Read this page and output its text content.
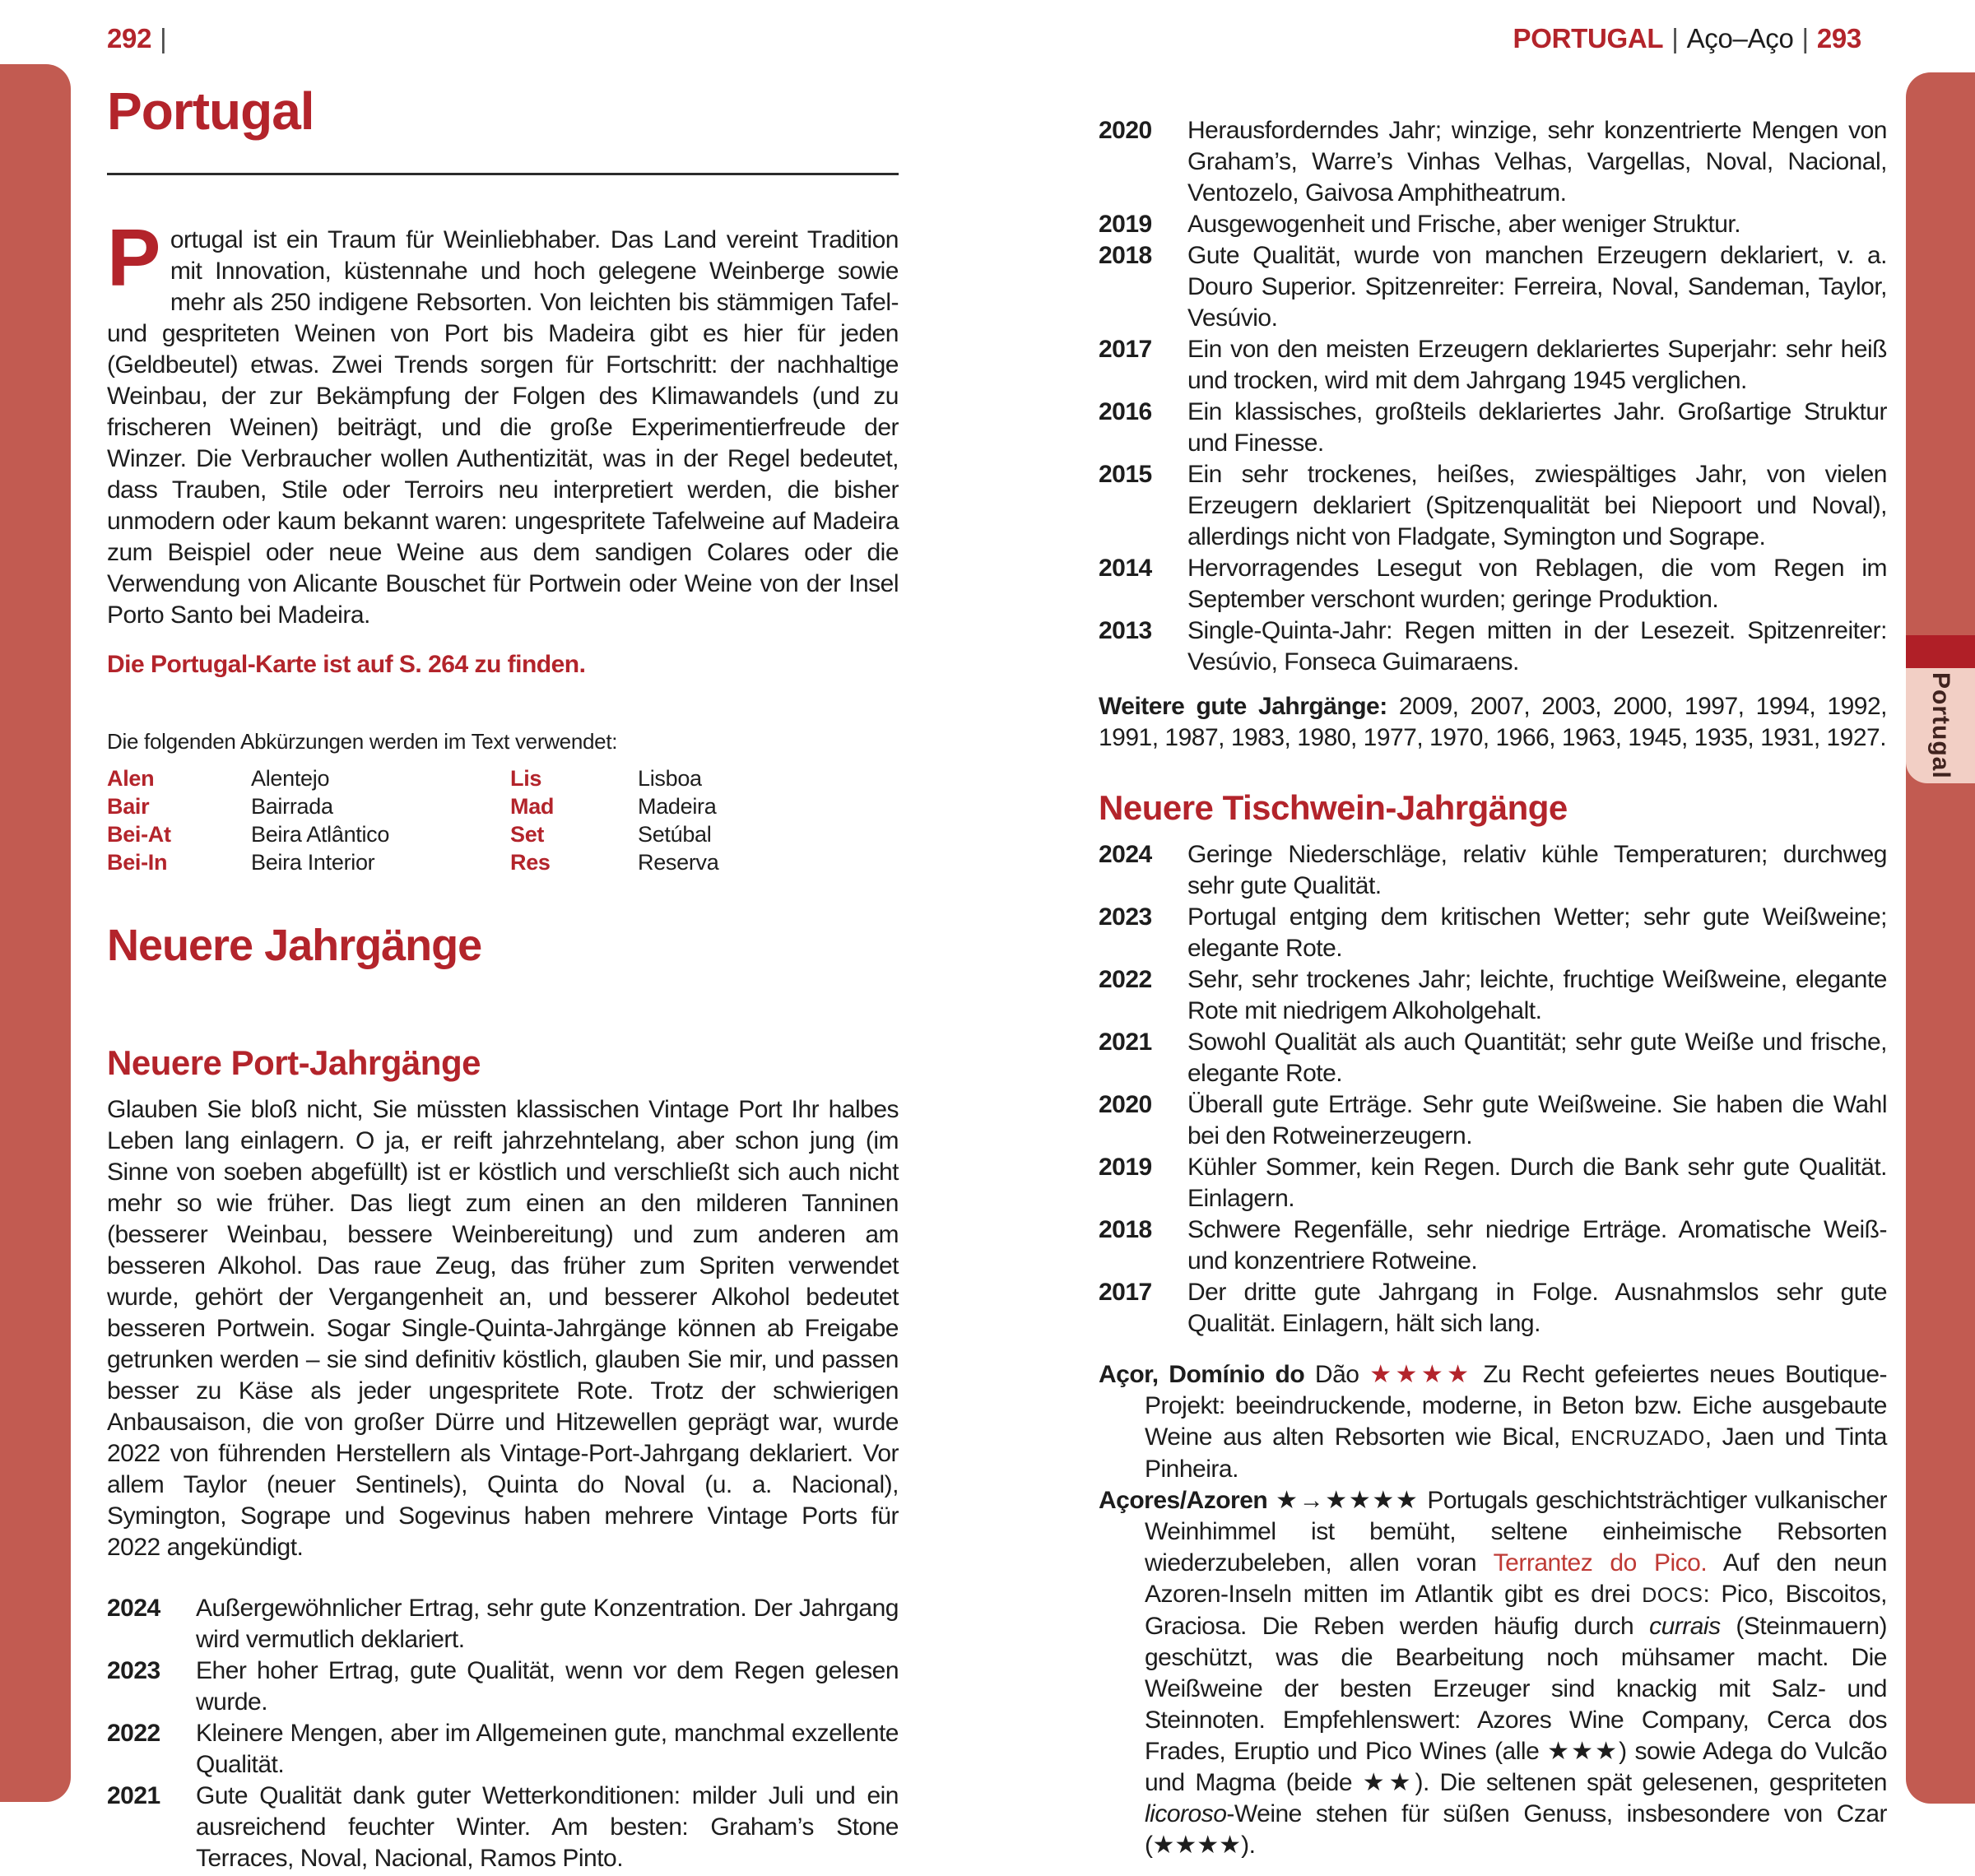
Portugal
292 |	PORTUGAL | Aço–Aço | 293
Portugal

Portugal ist ein Traum für Weinliebhaber. Das Land vereint Tradition mit Innovation, küstennahe und hoch gelegene Weinberge sowie mehr als 250 indigene Rebsorten. Von leichten bis stämmigen Tafel- und gespriteten Weinen von Port bis Madeira gibt es hier für jeden (Geldbeutel) etwas. Zwei Trends sorgen für Fortschritt: der nachhaltige Weinbau, der zur Bekämpfung der Folgen des Klimawandels (und zu frischeren Weinen) beiträgt, und die große Experimentierfreude der Winzer. Die Verbraucher wollen Authentizität, was in der Regel bedeutet, dass Trauben, Stile oder Terroirs neu interpretiert werden, die bisher unmodern oder kaum bekannt waren: ungespritete Tafelweine auf Madeira zum Beispiel oder neue Weine aus dem sandigen Colares oder die Verwendung von Alicante Bouschet für Portwein oder Weine von der Insel Porto Santo bei Madeira.

Die Portugal-Karte ist auf S. 264 zu finden.

Die folgenden Abkürzungen werden im Text verwendet:

Alen	Alentejo	Lis	Lisboa
Bair	Bairrada	Mad	Madeira
Bei-At	Beira Atlântico	Set	Setúbal
Bei-In	Beira Interior	Res	Reserva
Neuere Jahrgänge
Neuere Port-Jahrgänge

Glauben Sie bloß nicht, Sie müssten klassischen Vintage Port Ihr halbes Leben lang einlagern. O ja, er reift jahrzehntelang, aber schon jung (im Sinne von soeben abgefüllt) ist er köstlich und verschließt sich auch nicht mehr so wie früher. Das liegt zum einen an den milderen Tanninen (besserer Weinbau, bessere Weinbereitung) und zum anderen am besseren Alkohol. Das raue Zeug, das früher zum Spriten verwendet wurde, gehört der Vergangenheit an, und besserer Alkohol bedeutet besseren Portwein. Sogar Single-Quinta-Jahrgänge können ab Freigabe getrunken werden – sie sind definitiv köstlich, glauben Sie mir, und passen besser zu Käse als jeder ungespritete Rote. Trotz der schwierigen Anbausaison, die von großer Dürre und Hitzewellen geprägt war, wurde 2022 von führenden Herstellern als Vintage-Port-Jahrgang deklariert. Vor allem Taylor (neuer Sentinels), Quinta do Noval (u. a. Nacional), Symington, Sogrape und Sogevinus haben mehrere Vintage Ports für 2022 angekündigt.

2024	Außergewöhnlicher Ertrag, sehr gute Konzentration. Der Jahrgang wird vermutlich deklariert.
2023	Eher hoher Ertrag, gute Qualität, wenn vor dem Regen gelesen wurde.
2022	Kleinere Mengen, aber im Allgemeinen gute, manchmal exzellente Qualität.
2021	Gute Qualität dank guter Wetterkonditionen: milder Juli und ein ausreichend feuchter Winter. Am besten: Graham’s Stone Terraces, Noval, Nacional, Ramos Pinto.
2020	Herausforderndes Jahr; winzige, sehr konzentrierte Mengen von Graham’s, Warre’s Vinhas Velhas, Vargellas, Noval, Nacional, Ventozelo, Gaivosa Amphitheatrum.
2019	Ausgewogenheit und Frische, aber weniger Struktur.
2018	Gute Qualität, wurde von manchen Erzeugern deklariert, v. a. Douro Superior. Spitzenreiter: Ferreira, Noval, Sandeman, Taylor, Vesúvio.
2017	Ein von den meisten Erzeugern deklariertes Superjahr: sehr heiß und trocken, wird mit dem Jahrgang 1945 verglichen.
2016	Ein klassisches, großteils deklariertes Jahr. Großartige Struktur und Finesse.
2015	Ein sehr trockenes, heißes, zwiespältiges Jahr, von vielen Erzeugern deklariert (Spitzenqualität bei Niepoort und Noval), allerdings nicht von Fladgate, Symington und Sogrape.
2014	Hervorragendes Lesegut von Reblagen, die vom Regen im September verschont wurden; geringe Produktion.
2013	Single-Quinta-Jahr: Regen mitten in der Lesezeit. Spitzenreiter: Vesúvio, Fonseca Guimaraens.

Weitere gute Jahrgänge: 2009, 2007, 2003, 2000, 1997, 1994, 1992, 1991, 1987, 1983, 1980, 1977, 1970, 1966, 1963, 1945, 1935, 1931, 1927.

Neuere Tischwein-Jahrgänge
2024	Geringe Niederschläge, relativ kühle Temperaturen; durchweg sehr gute Qualität.
2023	Portugal entging dem kritischen Wetter; sehr gute Weißweine; elegante Rote.
2022	Sehr, sehr trockenes Jahr; leichte, fruchtige Weißweine, elegante Rote mit niedrigem Alkoholgehalt.
2021	Sowohl Qualität als auch Quantität; sehr gute Weiße und frische, elegante Rote.
2020	Überall gute Erträge. Sehr gute Weißweine. Sie haben die Wahl bei den Rotweinerzeugern.
2019	Kühler Sommer, kein Regen. Durch die Bank sehr gute Qualität. Einlagern.
2018	Schwere Regenfälle, sehr niedrige Erträge. Aromatische Weiß- und konzentriere Rotweine.
2017	Der dritte gute Jahrgang in Folge. Ausnahmslos sehr gute Qualität. Einlagern, hält sich lang.

Açor, Domínio do Dão ★★★★ Zu Recht gefeiertes neues Boutique-Projekt: beeindruckende, moderne, in Beton bzw. Eiche ausgebaute Weine aus alten Rebsorten wie Bical, ENCRUZADO, Jaen und Tinta Pinheira.

Açores/Azoren ★→★★★★ Portugals geschichtsträchtiger vulkanischer Weinhimmel ist bemüht, seltene einheimische Rebsorten wiederzubeleben, allen voran Terrantez do Pico. Auf den neun Azoren-Inseln mitten im Atlantik gibt es drei DOCS: Pico, Biscoitos, Graciosa. Die Reben werden häufig durch currais (Steinmauern) geschützt, was die Bearbeitung noch mühsamer macht. Die Weißweine der besten Erzeuger sind knackig mit Salz- und Steinnoten. Empfehlenswert: Azores Wine Company, Cerca dos Frades, Eruptio und Pico Wines (alle ★★★) sowie Adega do Vulcão und Magma (beide ★★). Die seltenen spät gelesenen, gespriteten licoroso-Weine stehen für süßen Genuss, insbesondere von Czar (★★★★).
